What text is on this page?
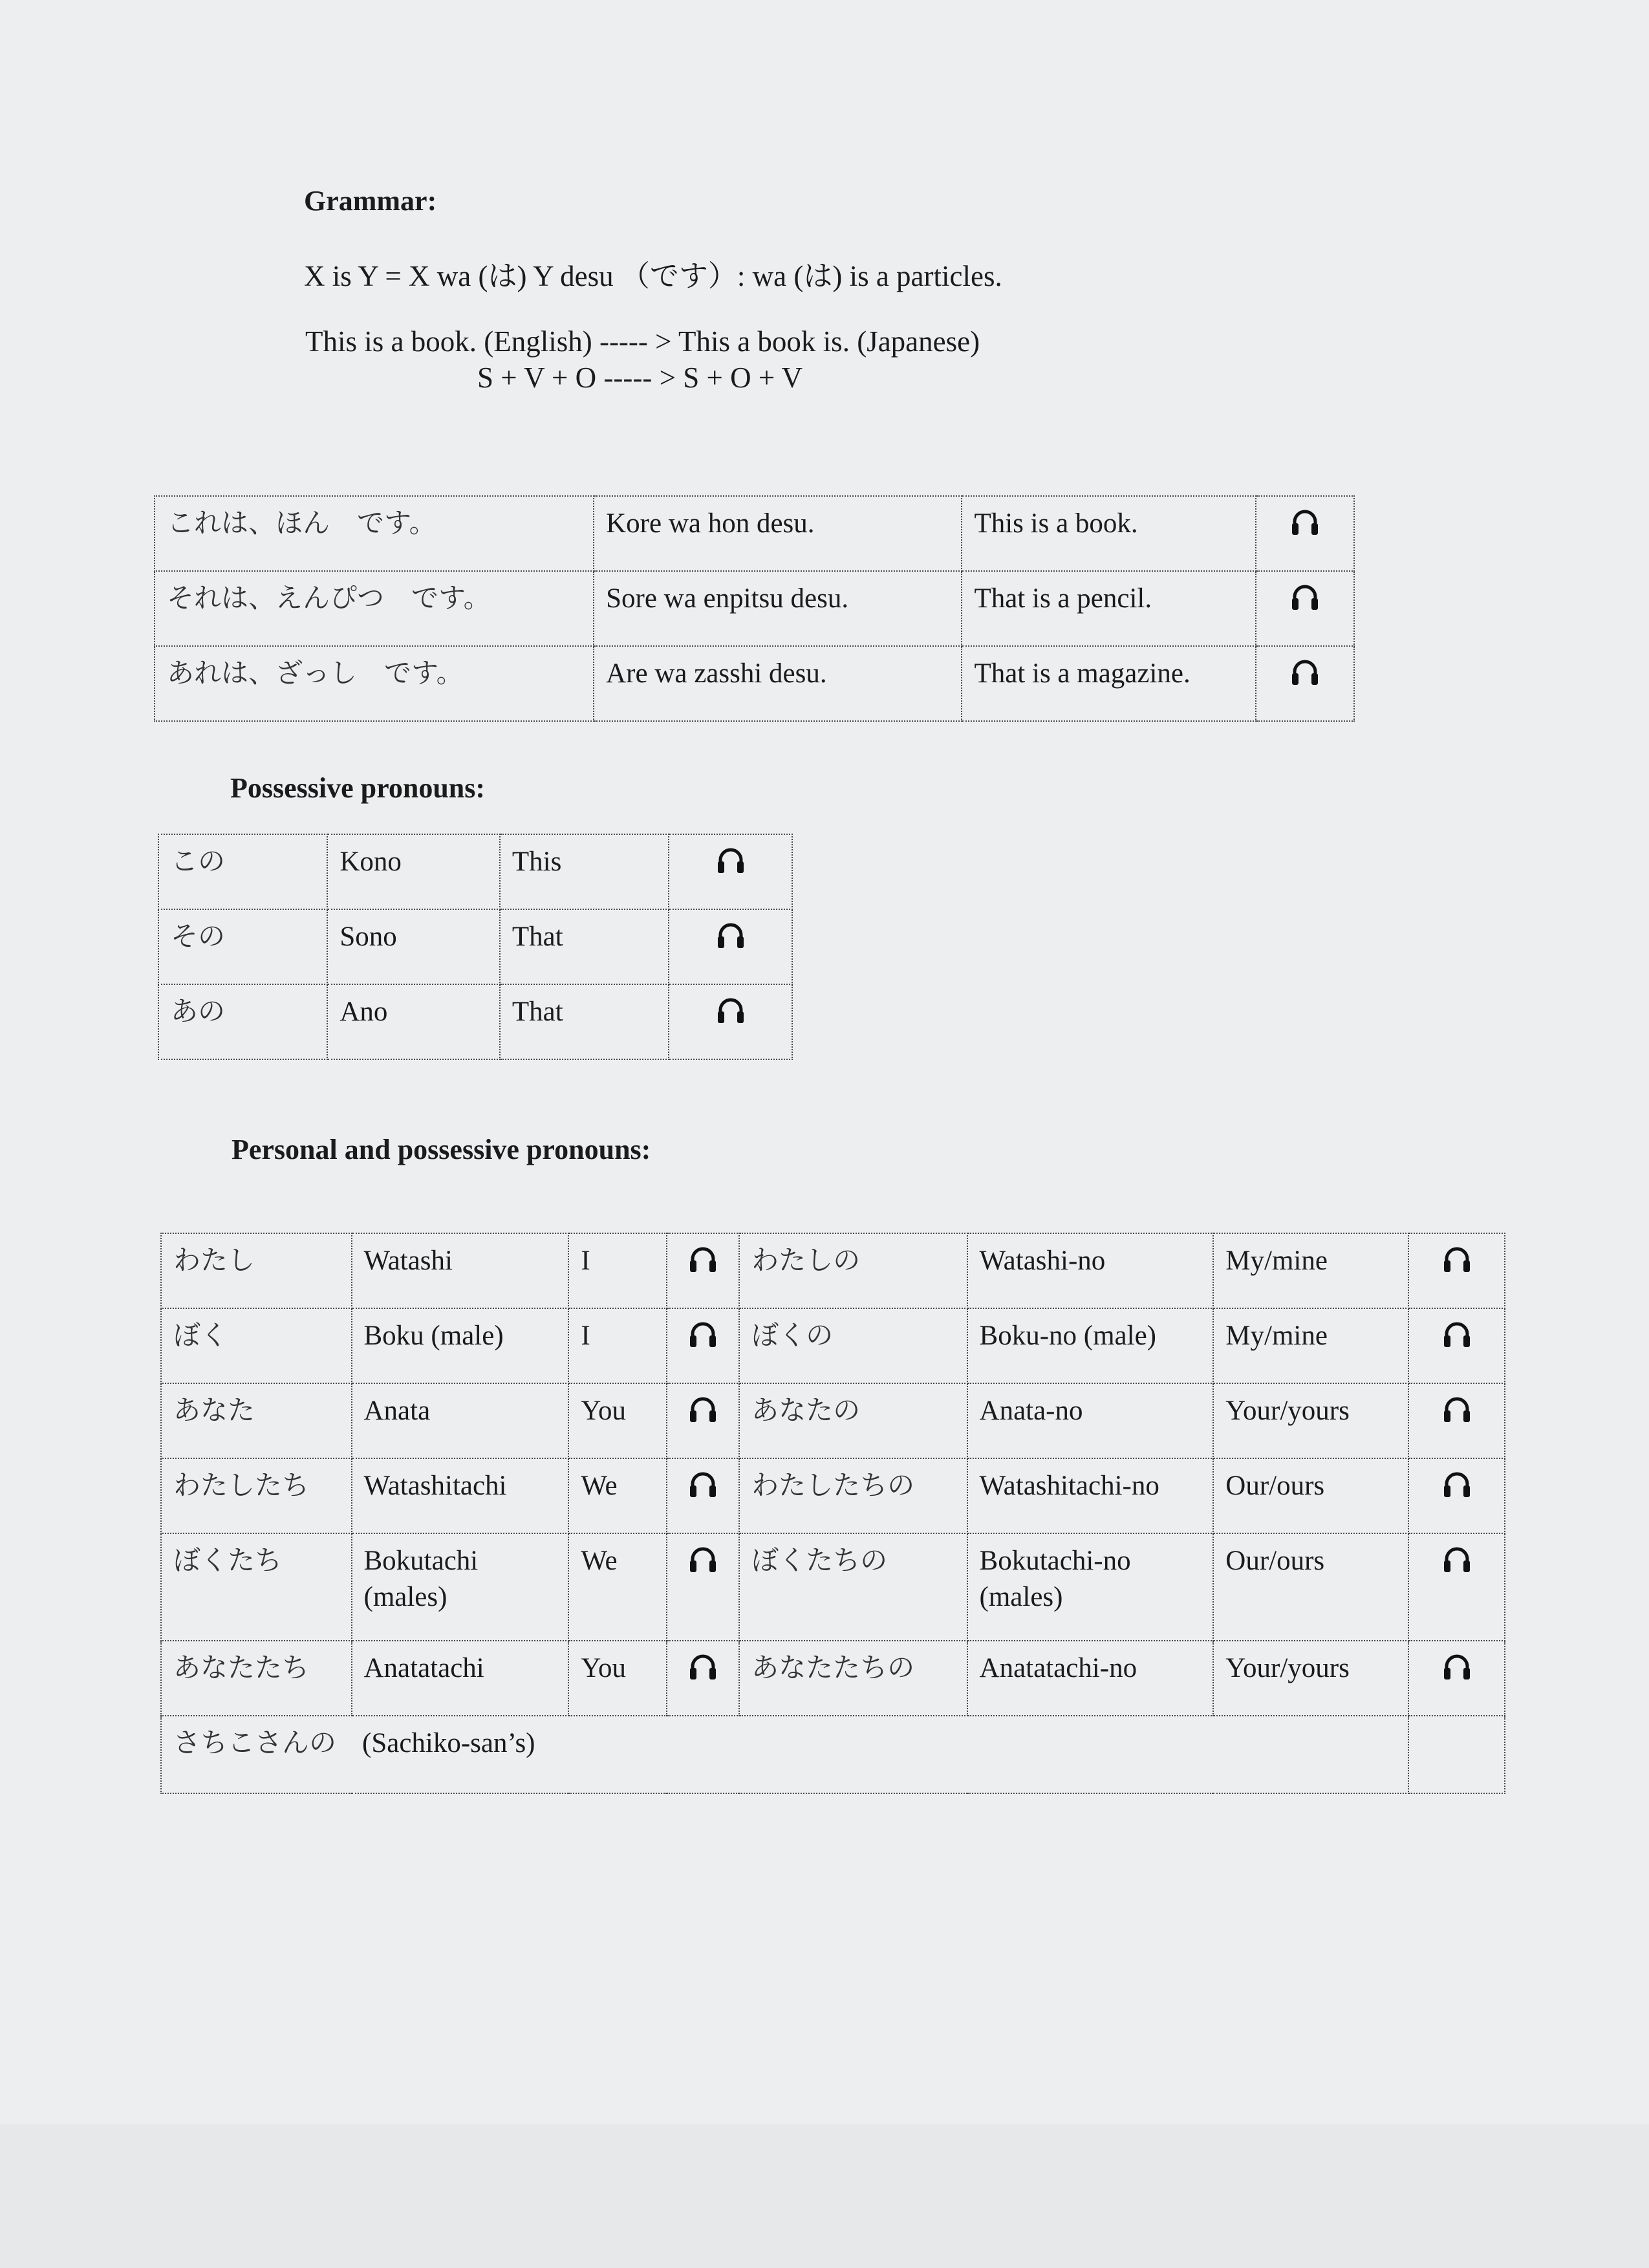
Grammar:
X is Y = X wa (は) Y desu （です）: wa (は) is a particles.
This is a book. (English) ----- > This a book is. (Japanese)
S + V + O ----- > S + O + V
これは、ほん　です。	Kore wa hon desu.	This is a book.	
それは、えんぴつ　です。	Sore wa enpitsu desu.	That is a pencil.	
あれは、ざっし　です。	Are wa zasshi desu.	That is a magazine.	
Possessive pronouns:
この	Kono	This	
その	Sono	That	
あの	Ano	That	
Personal and possessive pronouns:
わたし	Watashi	I		わたしの	Watashi-no	My/mine	
ぼく	Boku (male)	I		ぼくの	Boku-no (male)	My/mine	
あなた	Anata	You		あなたの	Anata-no	Your/yours	
わたしたち	Watashitachi	We		わたしたちの	Watashitachi-no	Our/ours	
ぼくたち	Bokutachi (males)	We		ぼくたちの	Bokutachi-no (males)	Our/ours	
あなたたち	Anatatachi	You		あなたたちの	Anatatachi-no	Your/yours	
さちこさんの (Sachiko-san’s)							
